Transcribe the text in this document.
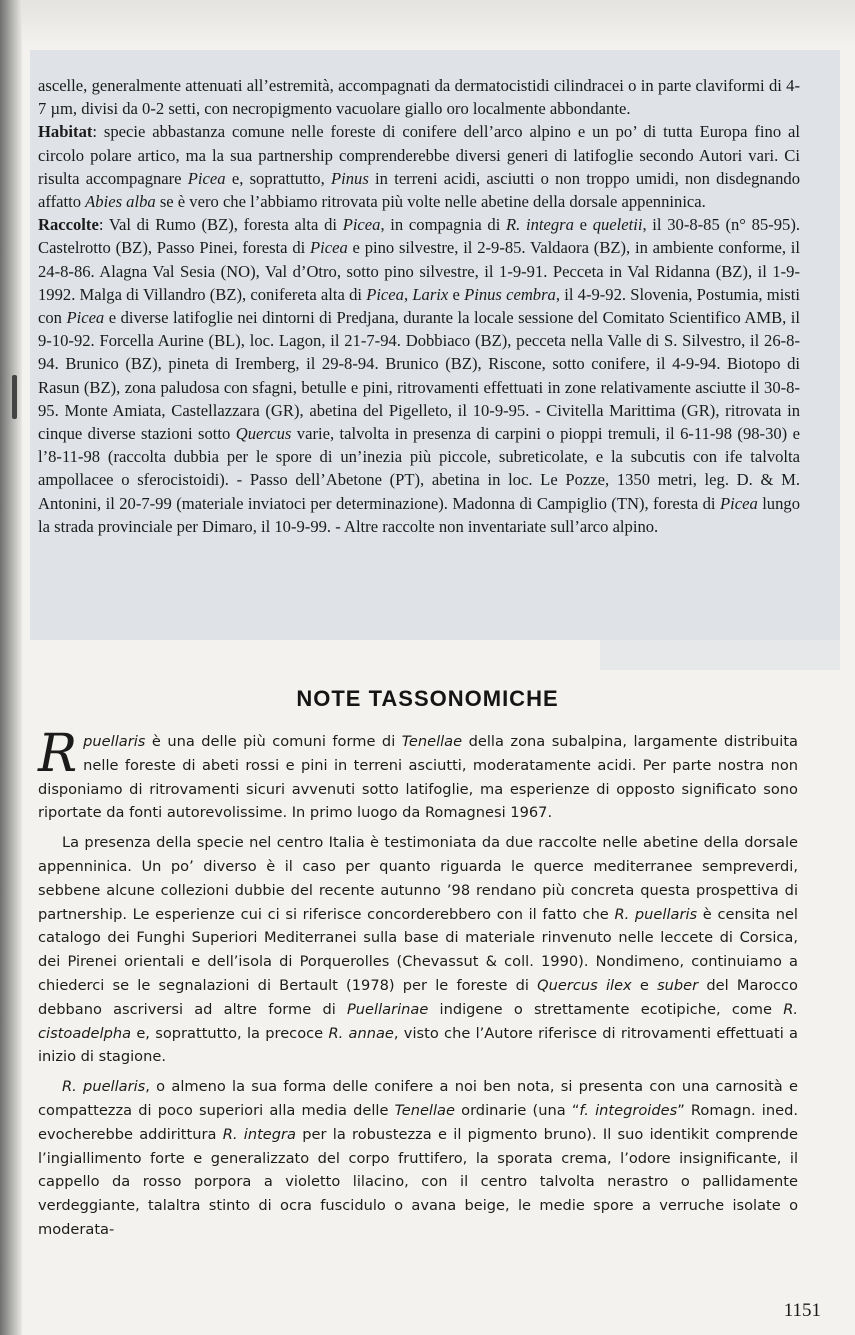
ascelle, generalmente attenuati all’estremità, accompagnati da dermatocistidi cilindracei o in parte claviformi di 4-7 µm, divisi da 0-2 setti, con necropigmento vacuolare giallo oro localmente abbondante.

Habitat: specie abbastanza comune nelle foreste di conifere dell’arco alpino e un po’ di tutta Europa fino al circolo polare artico, ma la sua partnership comprenderebbe diversi generi di latifoglie secondo Autori vari. Ci risulta accompagnare Picea e, soprattutto, Pinus in terreni acidi, asciutti o non troppo umidi, non disdegnando affatto Abies alba se è vero che l’abbiamo ritrovata più volte nelle abetine della dorsale appenninica.

Raccolte: Val di Rumo (BZ), foresta alta di Picea, in compagnia di R. integra e queletii, il 30-8-85 (n° 85-95). Castelrotto (BZ), Passo Pinei, foresta di Picea e pino silvestre, il 2-9-85. Valdaora (BZ), in ambiente conforme, il 24-8-86. Alagna Val Sesia (NO), Val d’Otro, sotto pino silvestre, il 1-9-91. Pecceta in Val Ridanna (BZ), il 1-9-1992. Malga di Villandro (BZ), conifereta alta di Picea, Larix e Pinus cembra, il 4-9-92. Slovenia, Postumia, misti con Picea e diverse latifoglie nei dintorni di Predjana, durante la locale sessione del Comitato Scientifico AMB, il 9-10-92. Forcella Aurine (BL), loc. Lagon, il 21-7-94. Dobbiaco (BZ), pecceta nella Valle di S. Silvestro, il 26-8-94. Brunico (BZ), pineta di Iremberg, il 29-8-94. Brunico (BZ), Riscone, sotto conifere, il 4-9-94. Biotopo di Rasun (BZ), zona paludosa con sfagni, betulle e pini, ritrovamenti effettuati in zone relativamente asciutte il 30-8-95. Monte Amiata, Castellazzara (GR), abetina del Pigelleto, il 10-9-95. - Civitella Marittima (GR), ritrovata in cinque diverse stazioni sotto Quercus varie, talvolta in presenza di carpini o pioppi tremuli, il 6-11-98 (98-30) e l’8-11-98 (raccolta dubbia per le spore di un’inezia più piccole, subreticolate, e la subcutis con ife talvolta ampollacee o sferocistoidi). - Passo dell’Abetone (PT), abetina in loc. Le Pozze, 1350 metri, leg. D. & M. Antonini, il 20-7-99 (materiale inviatoci per determinazione). Madonna di Campiglio (TN), foresta di Picea lungo la strada provinciale per Dimaro, il 10-9-99. - Altre raccolte non inventariate sull’arco alpino.

NOTE TASSONOMICHE

Rpuellaris è una delle più comuni forme di Tenellae della zona subalpina, largamente distribuita nelle foreste di abeti rossi e pini in terreni asciutti, moderatamente acidi. Per parte nostra non disponiamo di ritrovamenti sicuri avvenuti sotto latifoglie, ma esperienze di opposto significato sono riportate da fonti autorevolissime. In primo luogo da Romagnesi 1967.

La presenza della specie nel centro Italia è testimoniata da due raccolte nelle abetine della dorsale appenninica. Un po’ diverso è il caso per quanto riguarda le querce mediterranee sempreverdi, sebbene alcune collezioni dubbie del recente autunno ’98 rendano più concreta questa prospettiva di partnership. Le esperienze cui ci si riferisce concorderebbero con il fatto che R. puellaris è censita nel catalogo dei Funghi Superiori Mediterranei sulla base di materiale rinvenuto nelle leccete di Corsica, dei Pirenei orientali e dell’isola di Porquerolles (Chevassut & coll. 1990). Nondimeno, continuiamo a chiederci se le segnalazioni di Bertault (1978) per le foreste di Quercus ilex e suber del Marocco debbano ascriversi ad altre forme di Puellarinae indigene o strettamente ecotipiche, come R. cistoadelpha e, soprattutto, la precoce R. annae, visto che l’Autore riferisce di ritrovamenti effettuati a inizio di stagione.

R. puellaris, o almeno la sua forma delle conifere a noi ben nota, si presenta con una carnosità e compattezza di poco superiori alla media delle Tenellae ordinarie (una “f. integroides” Romagn. ined. evocherebbe addirittura R. integra per la robustezza e il pigmento bruno). Il suo identikit comprende l’ingiallimento forte e generalizzato del corpo fruttifero, la sporata crema, l’odore insignificante, il cappello da rosso porpora a violetto lilacino, con il centro talvolta nerastro o pallidamente verdeggiante, talaltra stinto di ocra fuscidulo o avana beige, le medie spore a verruche isolate o moderata-

1151
